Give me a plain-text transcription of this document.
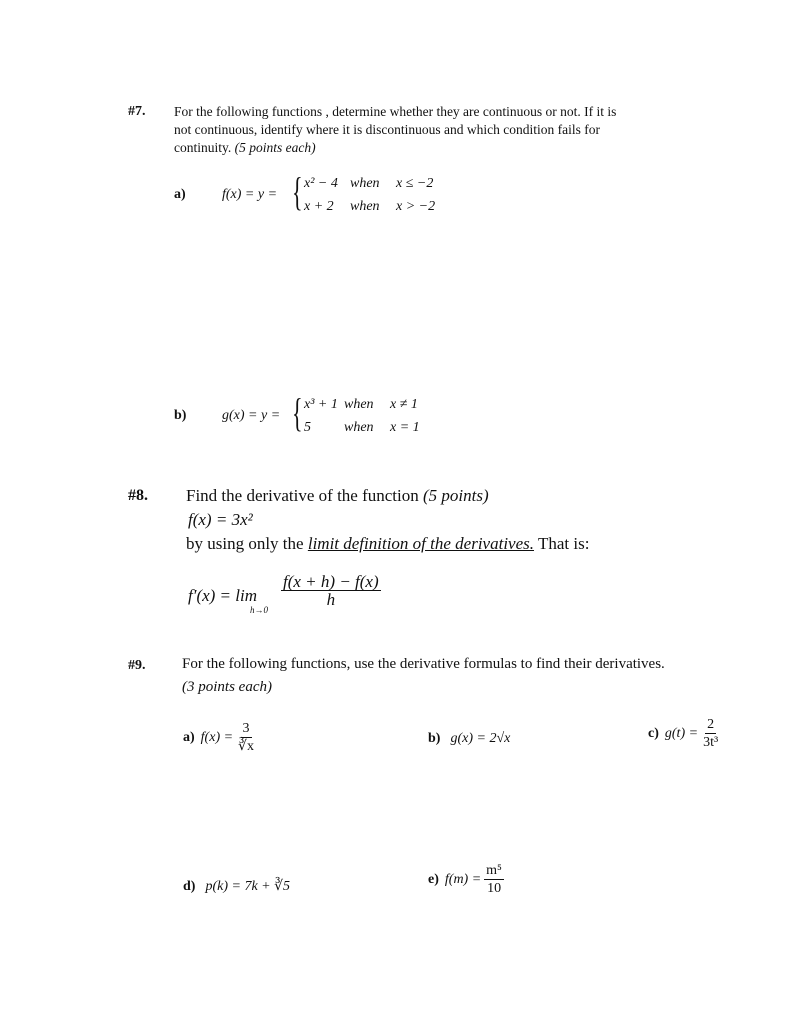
#7. For the following functions , determine whether they are continuous or not. If it is
not continuous, identify where it is discontinuous and which condition fails for
continuity. (5 points each)
a)	f(x) = y = { x² − 4 when x ≤ −2
x + 2 when x > −2
b)	g(x) = y = { x³ + 1 when x ≠ 1
5 when x = 1
#8. Find the derivative of the function (5 points)
f(x) = 3x²
by using only the limit definition of the derivatives. That is:
f′(x) = lim
h→0
$\frac{f(x + h) - f(x)}{h}$
#9. For the following functions, use the derivative formulas to find their derivatives.
(3 points each)
a) $f(x) = \frac{3}{∛x}$	b) g(x) = 2√x	c) $g(t) = \frac{2}{\text{3t³}}$
d) p(k) = 7k + ∛5	e) $f(m) = \frac{\text{m⁵}}{10}$
